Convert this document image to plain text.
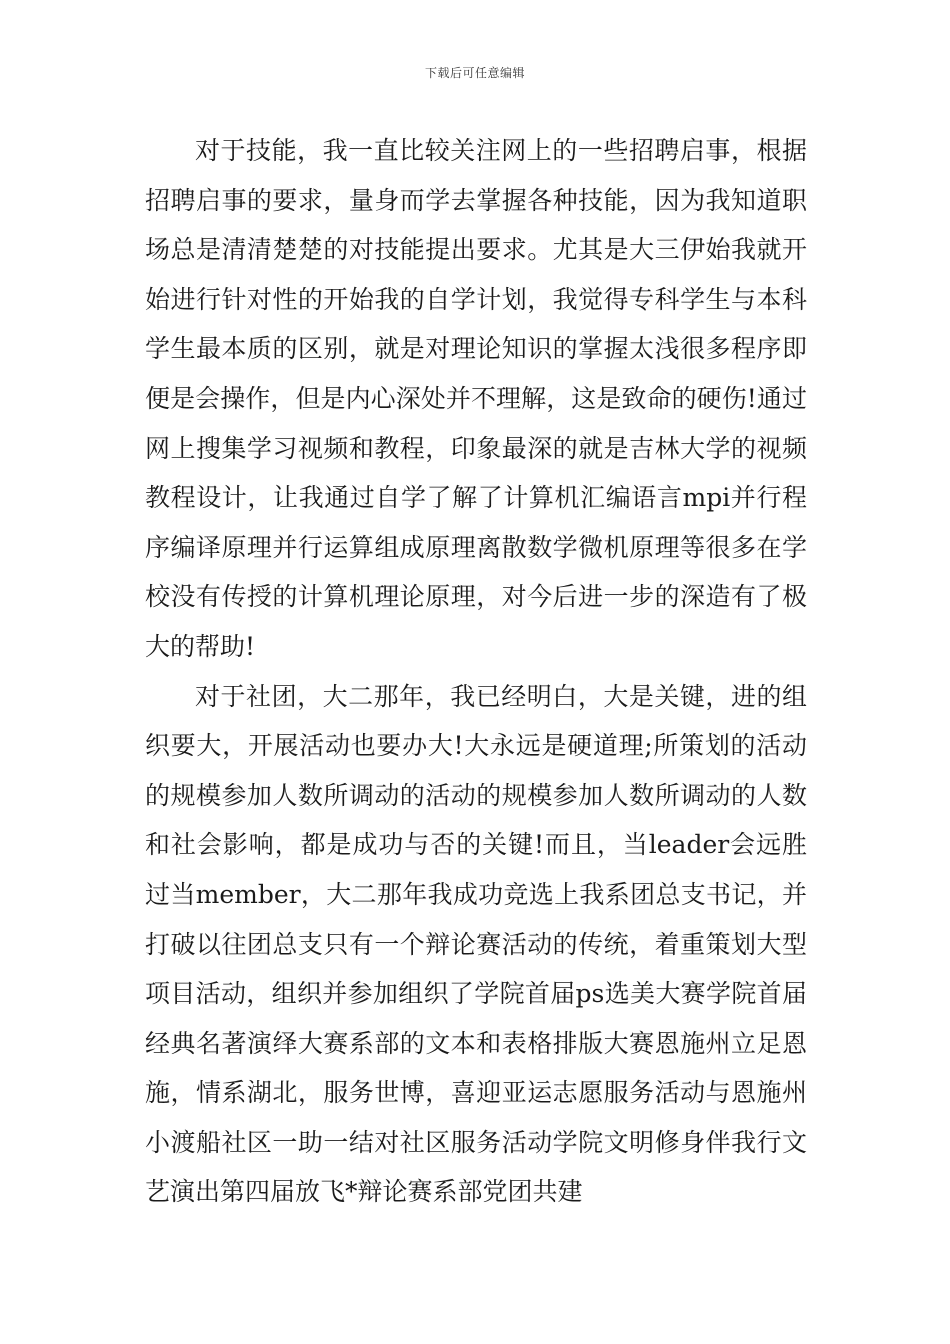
下载后可任意编辑

对于技能，我一直比较关注网上的一些招聘启事，根据招聘启事的要求，量身而学去掌握各种技能，因为我知道职场总是清清楚楚的对技能提出要求。尤其是大三伊始我就开始进行针对性的开始我的自学计划，我觉得专科学生与本科学生最本质的区别，就是对理论知识的掌握太浅很多程序即便是会操作，但是内心深处并不理解，这是致命的硬伤!通过网上搜集学习视频和教程，印象最深的就是吉林大学的视频教程设计，让我通过自学了解了计算机汇编语言mpi并行程序编译原理并行运算组成原理离散数学微机原理等很多在学校没有传授的计算机理论原理，对今后进一步的深造有了极大的帮助!

对于社团，大二那年，我已经明白，大是关键，进的组织要大，开展活动也要办大!大永远是硬道理;所策划的活动的规模参加人数所调动的活动的规模参加人数所调动的人数和社会影响，都是成功与否的关键!而且，当leader会远胜过当member，大二那年我成功竞选上我系团总支书记，并打破以往团总支只有一个辩论赛活动的传统，着重策划大型项目活动，组织并参加组织了学院首届ps选美大赛学院首届经典名著演绎大赛系部的文本和表格排版大赛恩施州立足恩施，情系湖北，服务世博，喜迎亚运志愿服务活动与恩施州小渡船社区一助一结对社区服务活动学院文明修身伴我行文艺演出第四届放飞*辩论赛系部党团共建
